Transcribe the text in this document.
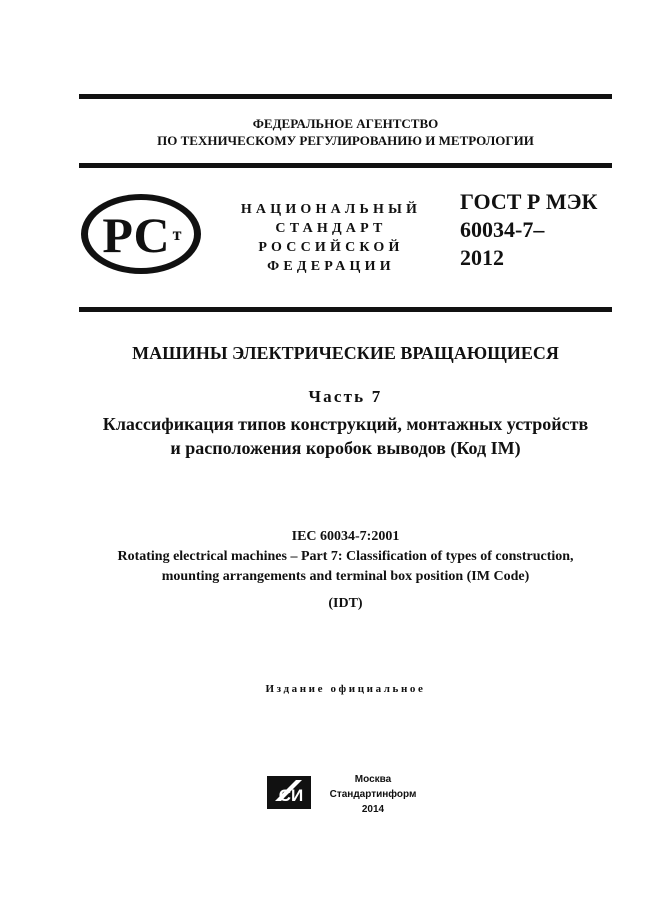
ФЕДЕРАЛЬНОЕ АГЕНТСТВО
ПО ТЕХНИЧЕСКОМУ РЕГУЛИРОВАНИЮ И МЕТРОЛОГИИ
РС т
НАЦИОНАЛЬНЫЙ
СТАНДАРТ
РОССИЙСКОЙ
ФЕДЕРАЦИИ
ГОСТ Р МЭК
60034-7–
2012
МАШИНЫ ЭЛЕКТРИЧЕСКИЕ ВРАЩАЮЩИЕСЯ
Часть 7
Классификация типов конструкций, монтажных устройств
и расположения коробок выводов (Код IM)
IEC 60034-7:2001
Rotating electrical machines – Part 7: Classification of types of construction,
mounting arrangements and terminal box position (IM Code)
(IDT)
Издание официальное
СИ
Москва
Стандартинформ
2014
